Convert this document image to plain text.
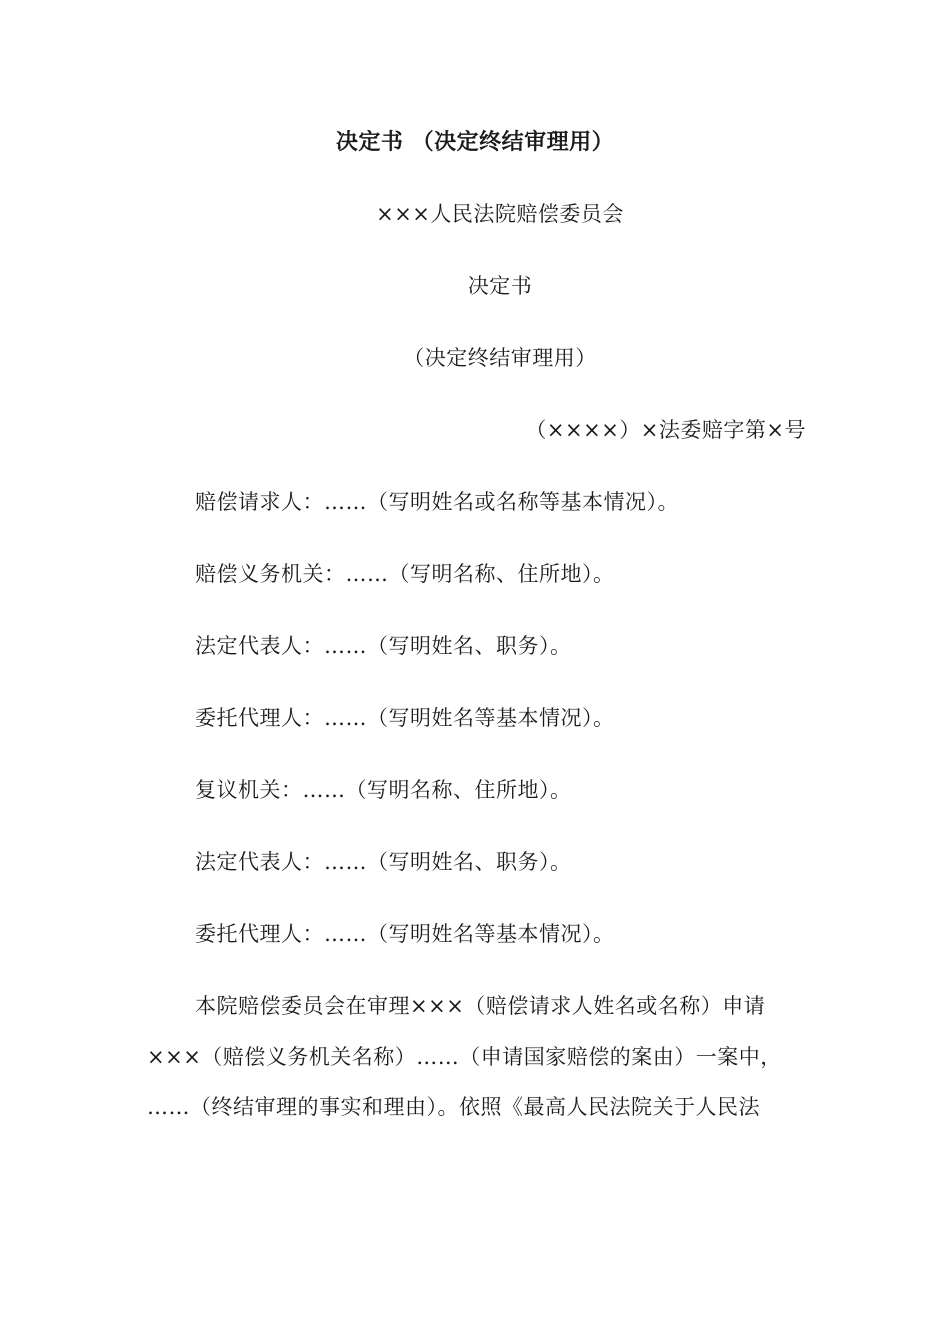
决定书 （决定终结审理用）
×××人民法院赔偿委员会
决定书
（决定终结审理用）
（××××）×法委赔字第×号
赔偿请求人：……（写明姓名或名称等基本情况）。
赔偿义务机关：……（写明名称、住所地）。
法定代表人：……（写明姓名、职务）。
委托代理人：……（写明姓名等基本情况）。
复议机关：……（写明名称、住所地）。
法定代表人：……（写明姓名、职务）。
委托代理人：……（写明姓名等基本情况）。
本院赔偿委员会在审理×××（赔偿请求人姓名或名称）申请
×××（赔偿义务机关名称）……（申请国家赔偿的案由）一案中，
……（终结审理的事实和理由）。依照《最高人民法院关于人民法
